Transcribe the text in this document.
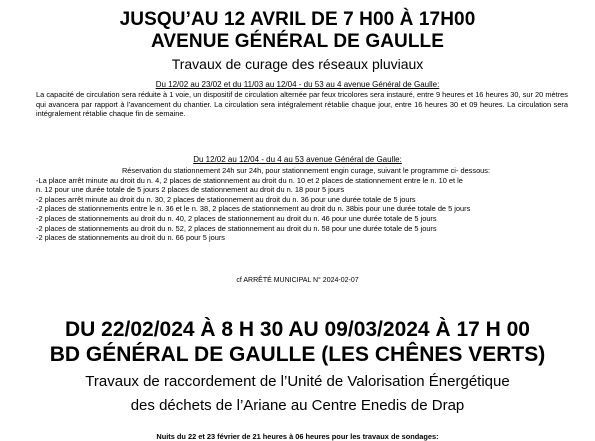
JUSQU’AU 12 AVRIL DE 7 H00 À 17H00
AVENUE GÉNÉRAL DE GAULLE
Travaux de curage des réseaux pluviaux
Du 12/02 au 23/02 et du 11/03 au 12/04 - du 53 au 4 avenue Général de Gaulle:
La capacité de circulation sera réduite à 1 voie, un dispositif de circulation alternée par feux tricolores sera instauré, entre 9 heures et 16 heures 30, sur 20 mètres qui avancera par rapport à l’avancement du chantier. La circulation sera intégralement rétablie chaque jour, entre 16 heures 30 et 09 heures. La circulation sera intégralement rétablie chaque fin de semaine.
Du 12/02 au 12/04 - du 4 au 53 avenue Général de Gaulle:
Réservation du stationnement 24h sur 24h, pour stationnement engin curage, suivant le programme ci- dessous:
-La place arrêt minute au droit du n. 4, 2 places de stationnement au droit du n. 10 et 2 places de stationnement entre le n. 10 et le
n. 12 pour une durée totale de 5 jours 2 places de stationnement au droit du n. 18 pour 5 jours
-2 places arrêt minute au droit du n. 30, 2 places de stationnement au droit du n. 36 pour une durée totale de 5 jours
-2 places de stationnements entre le n. 36 et le n. 38, 2 places de stationnement au droit du n. 38bis pour une durée totale de 5 jours
-2 places de stationnements au droit du n. 40, 2 places de stationnement au droit du n. 46 pour une durée totale de 5 jours
-2 places de stationnements au droit du n. 52, 2 places de stationnement au droit du n. 58 pour une durée totale de 5 jours
-2 places de stationnements au droit du n. 66 pour 5 jours
cf ARRÊTÉ MUNICIPAL N° 2024-02-07
DU 22/02/024 À 8 H 30 AU 09/03/2024 À 17 H 00
BD GÉNÉRAL DE GAULLE (LES CHÊNES VERTS)
Travaux de raccordement de l’Unité de Valorisation Énergétique
des déchets de l’Ariane au Centre Enedis de Drap
Nuits du 22 et 23 février de 21 heures à 06 heures pour les travaux de sondages:
